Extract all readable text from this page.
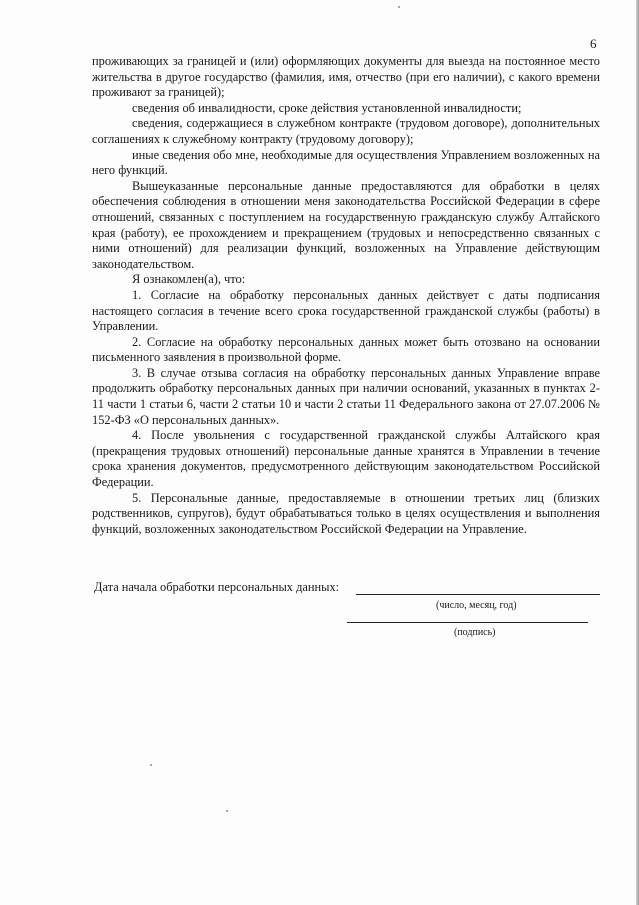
6

проживающих за границей и (или) оформляющих документы для выезда на постоянное место жительства в другое государство (фамилия, имя, отчество (при его наличии), с какого времени проживают за границей);

сведения об инвалидности, сроке действия установленной инвалидности;

сведения, содержащиеся в служебном контракте (трудовом договоре), дополнительных соглашениях к служебному контракту (трудовому договору);

иные сведения обо мне, необходимые для осуществления Управлением возложенных на него функций.

Вышеуказанные персональные данные предоставляются для обработки в целях обеспечения соблюдения в отношении меня законодательства Российской Федерации в сфере отношений, связанных с поступлением на государственную гражданскую службу Алтайского края (работу), ее прохождением и прекращением (трудовых и непосредственно связанных с ними отношений) для реализации функций, возложенных на Управление действующим законодательством.

Я ознакомлен(а), что:

1. Согласие на обработку персональных данных действует с даты подписания настоящего согласия в течение всего срока государственной гражданской службы (работы) в Управлении.

2. Согласие на обработку персональных данных может быть отозвано на основании письменного заявления в произвольной форме.

3. В случае отзыва согласия на обработку персональных данных Управление вправе продолжить обработку персональных данных при наличии оснований, указанных в пунктах 2-11 части 1 статьи 6, части 2 статьи 10 и части 2 статьи 11 Федерального закона от 27.07.2006 № 152-ФЗ «О персональных данных».

4. После увольнения с государственной гражданской службы Алтайского края (прекращения трудовых отношений) персональные данные хранятся в Управлении в течение срока хранения документов, предусмотренного действующим законодательством Российской Федерации.

5. Персональные данные, предоставляемые в отношении третьих лиц (близких родственников, супругов), будут обрабатываться только в целях осуществления и выполнения функций, возложенных законодательством Российской Федерации на Управление.

Дата начала обработки персональных данных:
(число, месяц, год)
(подпись)
